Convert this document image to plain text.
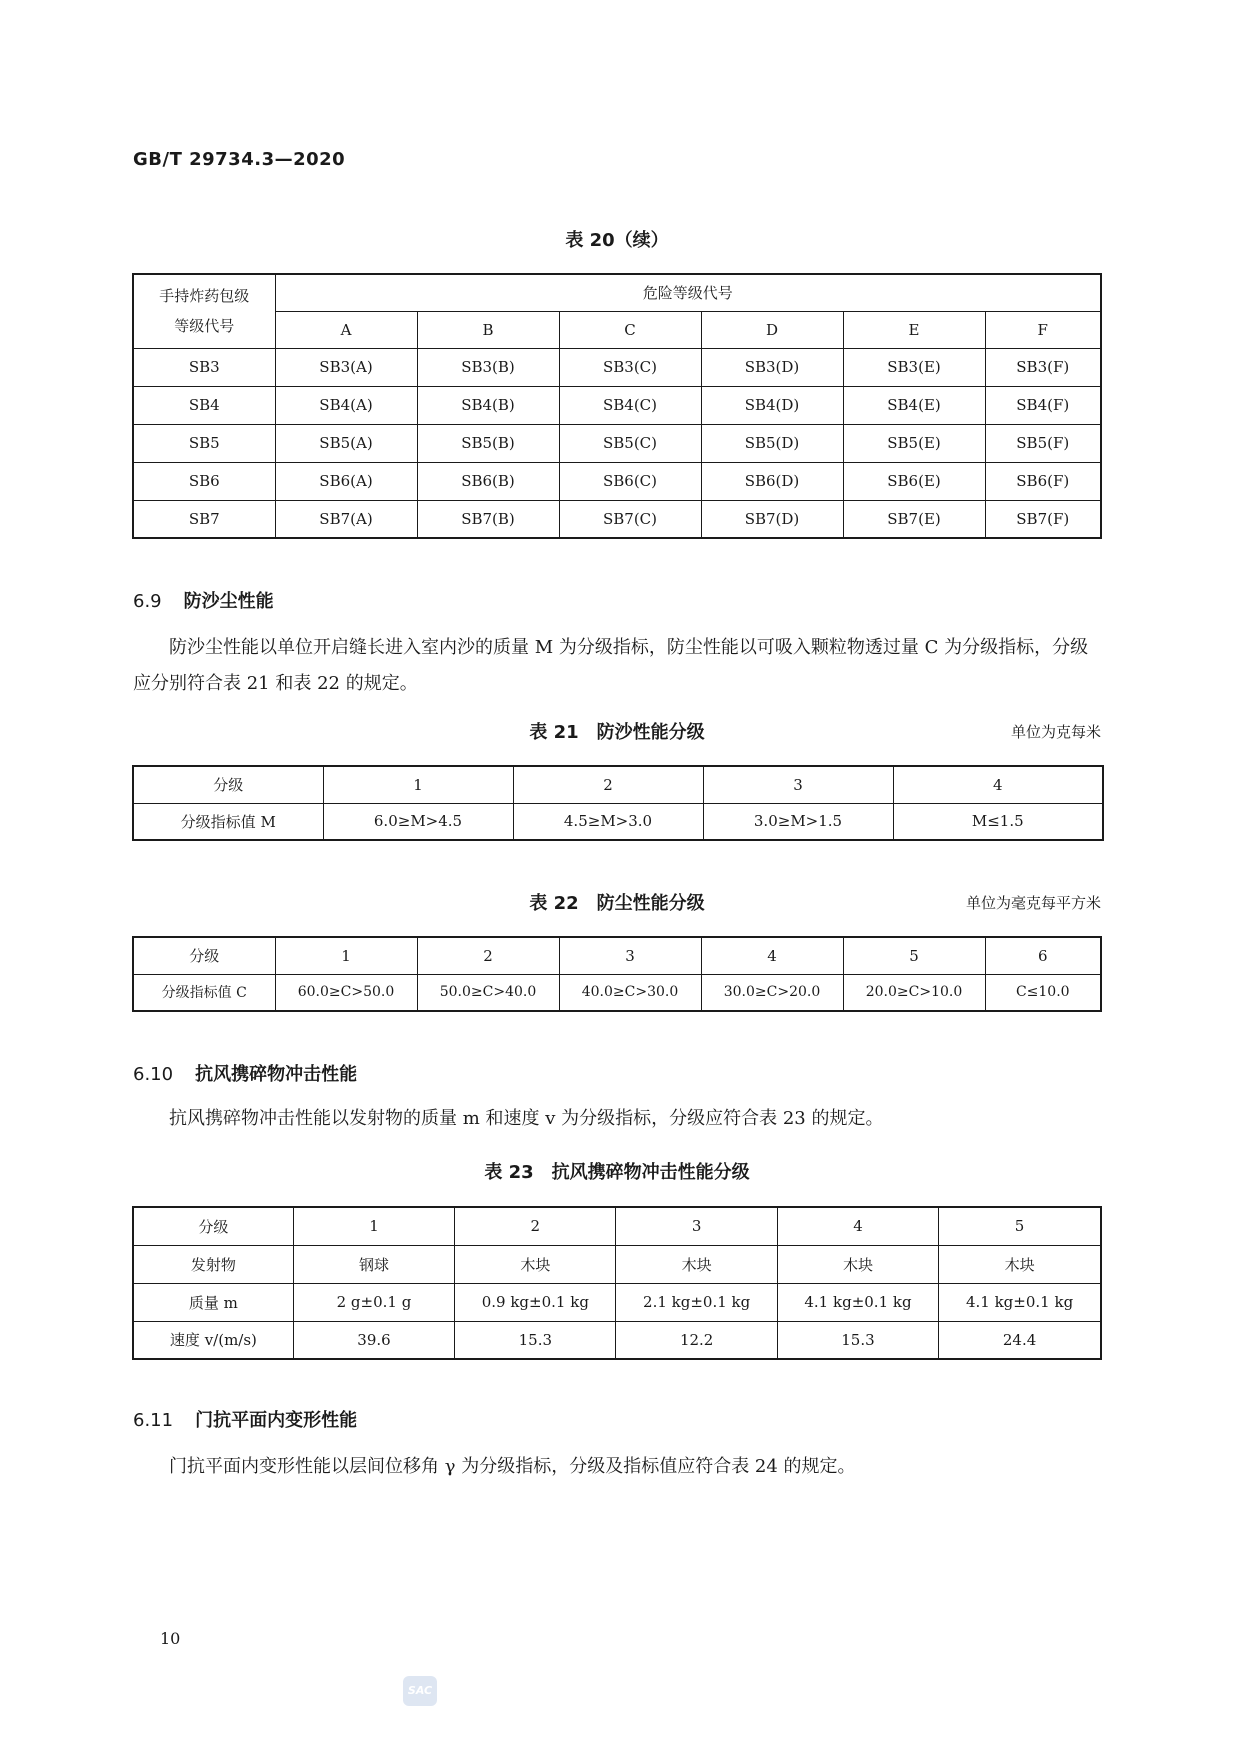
GB/T 29734.3—2020
表 20（续）
手持炸药包级
等级代号	危险等级代号					
	A	B	C	D	E	F
SB3	SB3(A)	SB3(B)	SB3(C)	SB3(D)	SB3(E)	SB3(F)
SB4	SB4(A)	SB4(B)	SB4(C)	SB4(D)	SB4(E)	SB4(F)
SB5	SB5(A)	SB5(B)	SB5(C)	SB5(D)	SB5(E)	SB5(F)
SB6	SB6(A)	SB6(B)	SB6(C)	SB6(D)	SB6(E)	SB6(F)
SB7	SB7(A)	SB7(B)	SB7(C)	SB7(D)	SB7(E)	SB7(F)
6.9 防沙尘性能
防沙尘性能以单位开启缝长进入室内沙的质量 M 为分级指标，防尘性能以可吸入颗粒物透过量 C 为分级指标，分级应分别符合表 21 和表 22 的规定。
表 21　防沙性能分级	单位为克每米
分级	1	2	3	4
分级指标值 M	6.0≥M>4.5	4.5≥M>3.0	3.0≥M>1.5	M≤1.5
表 22　防尘性能分级	单位为毫克每平方米
分级	1	2	3	4	5	6
分级指标值 C	60.0≥C>50.0	50.0≥C>40.0	40.0≥C>30.0	30.0≥C>20.0	20.0≥C>10.0	C≤10.0
6.10 抗风携碎物冲击性能
抗风携碎物冲击性能以发射物的质量 m 和速度 v 为分级指标，分级应符合表 23 的规定。
表 23　抗风携碎物冲击性能分级
分级	1	2	3	4	5
发射物	钢球	木块	木块	木块	木块
质量 m	2 g±0.1 g	0.9 kg±0.1 kg	2.1 kg±0.1 kg	4.1 kg±0.1 kg	4.1 kg±0.1 kg
速度 v/(m/s)	39.6	15.3	12.2	15.3	24.4
6.11 门抗平面内变形性能
门抗平面内变形性能以层间位移角 γ 为分级指标，分级及指标值应符合表 24 的规定。
10
SAC
